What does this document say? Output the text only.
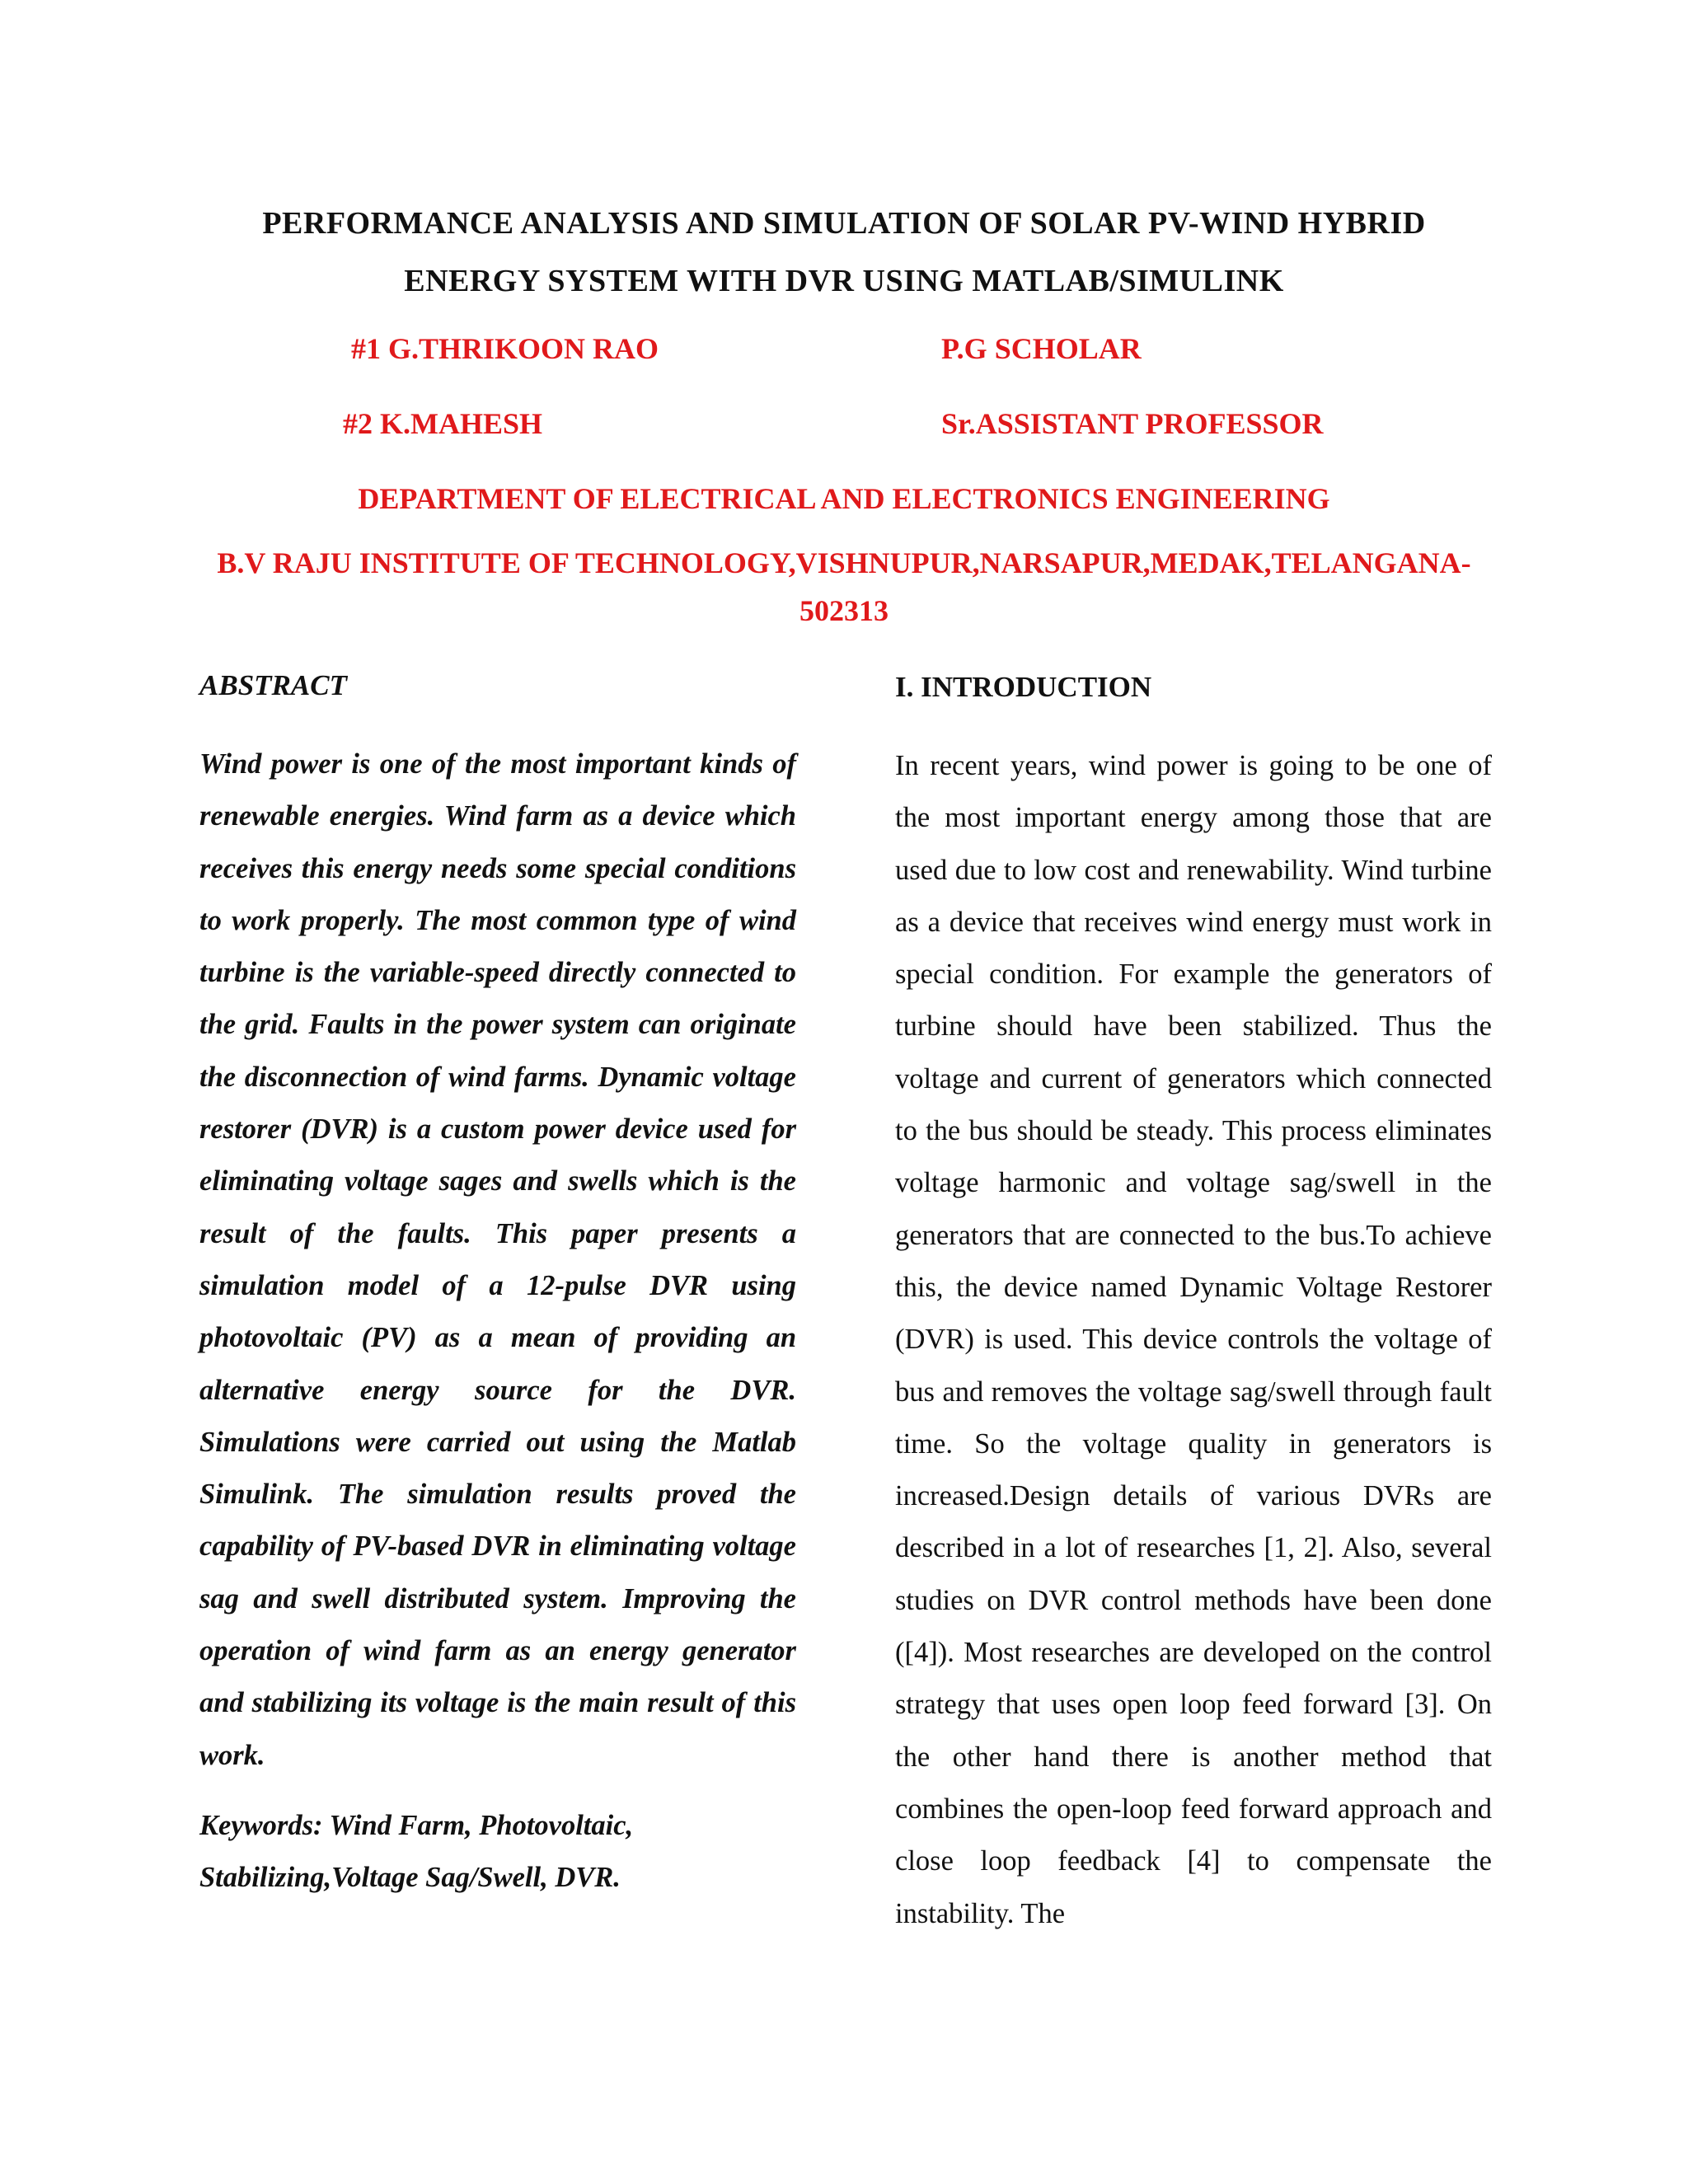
PERFORMANCE ANALYSIS AND SIMULATION OF SOLAR PV-WIND HYBRID
ENERGY SYSTEM WITH DVR USING MATLAB/SIMULINK
#1 G.THRIKOON RAO	P.G SCHOLAR
#2 K.MAHESH	Sr.ASSISTANT PROFESSOR
DEPARTMENT OF ELECTRICAL AND ELECTRONICS ENGINEERING
B.V RAJU INSTITUTE OF TECHNOLOGY,VISHNUPUR,NARSAPUR,MEDAK,TELANGANA-
502313
ABSTRACT

Wind power is one of the most important kinds of renewable energies. Wind farm as a device which receives this energy needs some special conditions to work properly. The most common type of wind turbine is the variable-speed directly connected to the grid. Faults in the power system can originate the disconnection of wind farms. Dynamic voltage restorer (DVR) is a custom power device used for eliminating voltage sages and swells which is the result of the faults. This paper presents a simulation model of a 12-pulse DVR using photovoltaic (PV) as a mean of providing an alternative energy source for the DVR. Simulations were carried out using the Matlab Simulink. The simulation results proved the capability of PV-based DVR in eliminating voltage sag and swell distributed system. Improving the operation of wind farm as an energy generator and stabilizing its voltage is the main result of this work.

Keywords: Wind Farm, Photovoltaic,
Stabilizing,Voltage Sag/Swell, DVR.
I. INTRODUCTION

In recent years, wind power is going to be one of the most important energy among those that are used due to low cost and renewability. Wind turbine as a device that receives wind energy must work in special condition. For example the generators of turbine should have been stabilized. Thus the voltage and current of generators which connected to the bus should be steady. This process eliminates voltage harmonic and voltage sag/swell in the generators that are connected to the bus.To achieve this, the device named Dynamic Voltage Restorer (DVR) is used. This device controls the voltage of bus and removes the voltage sag/swell through fault time. So the voltage quality in generators is increased.Design details of various DVRs are described in a lot of researches [1, 2]. Also, several studies on DVR control methods have been done ([4]). Most researches are developed on the control strategy that uses open loop feed forward [3]. On the other hand there is another method that combines the open-loop feed forward approach and close loop feedback [4] to compensate the instability. The
